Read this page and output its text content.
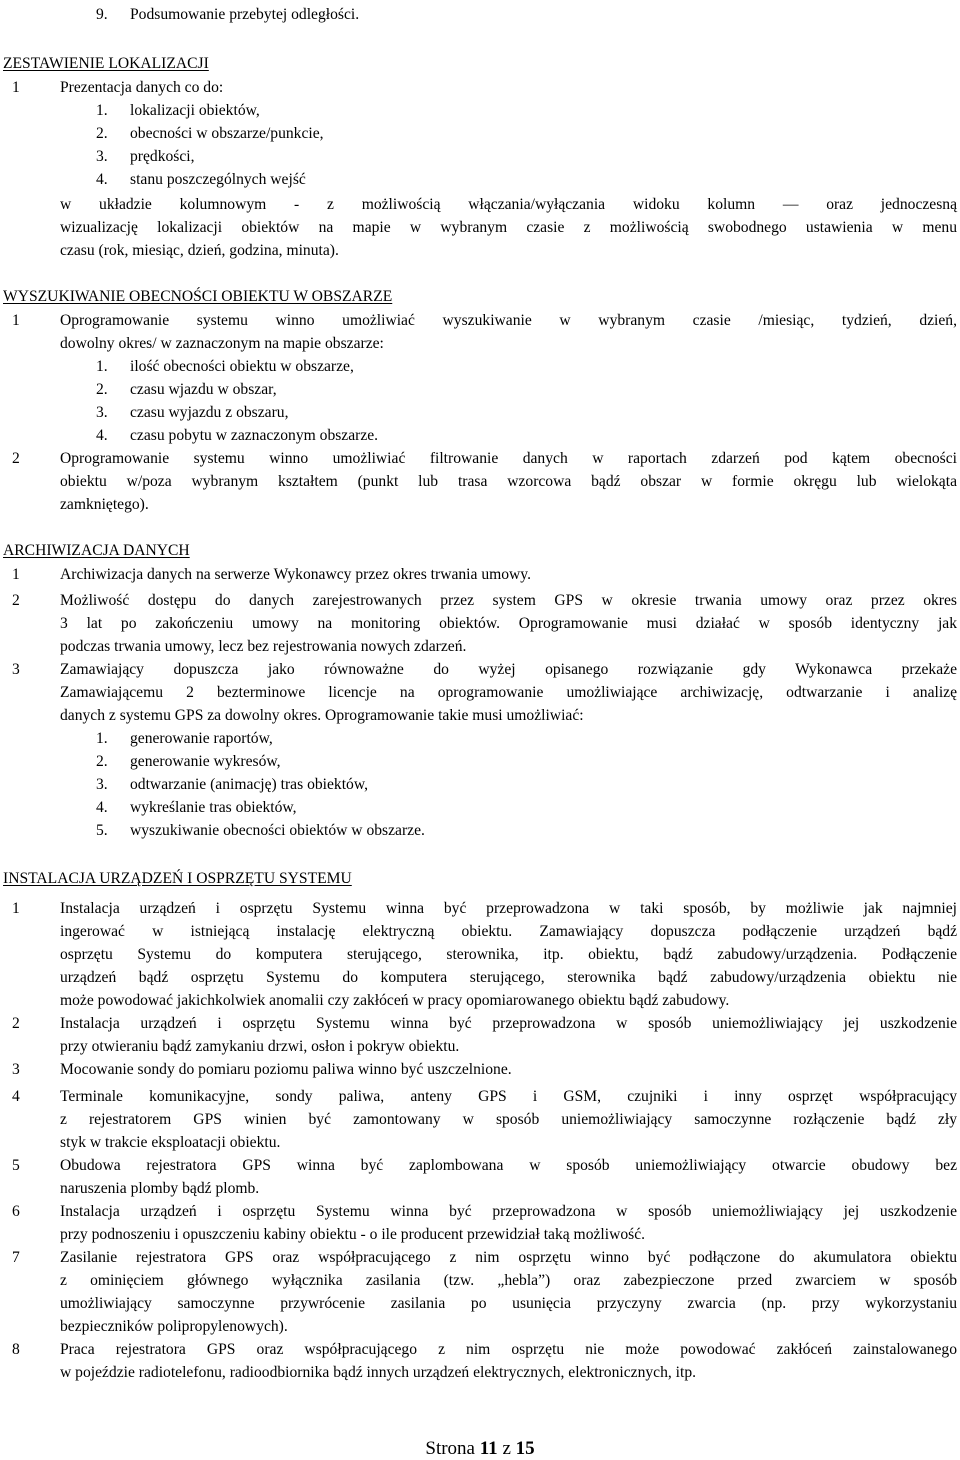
9. Podsumowanie przebytej odległości.
ZESTAWIENIE LOKALIZACJI
1	Prezentacja danych co do:
1. lokalizacji obiektów,
2. obecności w obszarze/punkcie,
3. prędkości,
4. stanu poszczególnych wejść
w układzie kolumnowym - z możliwością włączania/wyłączania widoku kolumn — oraz jednoczesną
wizualizację lokalizacji obiektów na mapie w wybranym czasie z możliwością swobodnego ustawienia w menu
czasu (rok, miesiąc, dzień, godzina, minuta).
WYSZUKIWANIE OBECNOŚCI OBIEKTU W OBSZARZE
1	Oprogramowanie systemu winno umożliwiać wyszukiwanie w wybranym czasie /miesiąc, tydzień, dzień,
dowolny okres/ w zaznaczonym na mapie obszarze:
1. ilość obecności obiektu w obszarze,
2. czasu wjazdu w obszar,
3. czasu wyjazdu z obszaru,
4. czasu pobytu w zaznaczonym obszarze.
2	Oprogramowanie systemu winno umożliwiać filtrowanie danych w raportach zdarzeń pod kątem obecności
obiektu w/poza wybranym kształtem (punkt lub trasa wzorcowa bądź obszar w formie okręgu lub wielokąta
zamkniętego).
ARCHIWIZACJA DANYCH
1	Archiwizacja danych na serwerze Wykonawcy przez okres trwania umowy.
2	Możliwość dostępu do danych zarejestrowanych przez system GPS w okresie trwania umowy oraz przez okres
3 lat po zakończeniu umowy na monitoring obiektów. Oprogramowanie musi działać w sposób identyczny jak
podczas trwania umowy, lecz bez rejestrowania nowych zdarzeń.
3	Zamawiający dopuszcza jako równoważne do wyżej opisanego rozwiązanie gdy Wykonawca przekaże
Zamawiającemu 2 bezterminowe licencje na oprogramowanie umożliwiające archiwizację, odtwarzanie i analizę
danych z systemu GPS za dowolny okres. Oprogramowanie takie musi umożliwiać:
1. generowanie raportów,
2. generowanie wykresów,
3. odtwarzanie (animację) tras obiektów,
4. wykreślanie tras obiektów,
5. wyszukiwanie obecności obiektów w obszarze.
INSTALACJA URZĄDZEŃ I OSPRZĘTU SYSTEMU
1	Instalacja urządzeń i osprzętu Systemu winna być przeprowadzona w taki sposób, by możliwie jak najmniej
ingerować w istniejącą instalację elektryczną obiektu. Zamawiający dopuszcza podłączenie urządzeń bądź
osprzętu Systemu do komputera sterującego, sterownika, itp. obiektu, bądź zabudowy/urządzenia. Podłączenie
urządzeń bądź osprzętu Systemu do komputera sterującego, sterownika bądź zabudowy/urządzenia obiektu nie
może powodować jakichkolwiek anomalii czy zakłóceń w pracy opomiarowanego obiektu bądź zabudowy.
2	Instalacja urządzeń i osprzętu Systemu winna być przeprowadzona w sposób uniemożliwiający jej uszkodzenie
przy otwieraniu bądź zamykaniu drzwi, osłon i pokryw obiektu.
3	Mocowanie sondy do pomiaru poziomu paliwa winno być uszczelnione.
4	Terminale komunikacyjne, sondy paliwa, anteny GPS i GSM, czujniki i inny osprzęt współpracujący
z rejestratorem GPS winien być zamontowany w sposób uniemożliwiający samoczynne rozłączenie bądź zły
styk w trakcie eksploatacji obiektu.
5	Obudowa rejestratora GPS winna być zaplombowana w sposób uniemożliwiający otwarcie obudowy bez
naruszenia plomby bądź plomb.
6	Instalacja urządzeń i osprzętu Systemu winna być przeprowadzona w sposób uniemożliwiający jej uszkodzenie
przy podnoszeniu i opuszczeniu kabiny obiektu - o ile producent przewidział taką możliwość.
7	Zasilanie rejestratora GPS oraz współpracującego z nim osprzętu winno być podłączone do akumulatora obiektu
z ominięciem głównego wyłącznika zasilania (tzw. „hebla”) oraz zabezpieczone przed zwarciem w sposób
umożliwiający samoczynne przywrócenie zasilania po usunięcia przyczyny zwarcia (np. przy wykorzystaniu
bezpieczników polipropylenowych).
8	Praca rejestratora GPS oraz współpracującego z nim osprzętu nie może powodować zakłóceń zainstalowanego
w pojeździe radiotelefonu, radioodbiornika bądź innych urządzeń elektrycznych, elektronicznych, itp.
Strona 11 z 15
